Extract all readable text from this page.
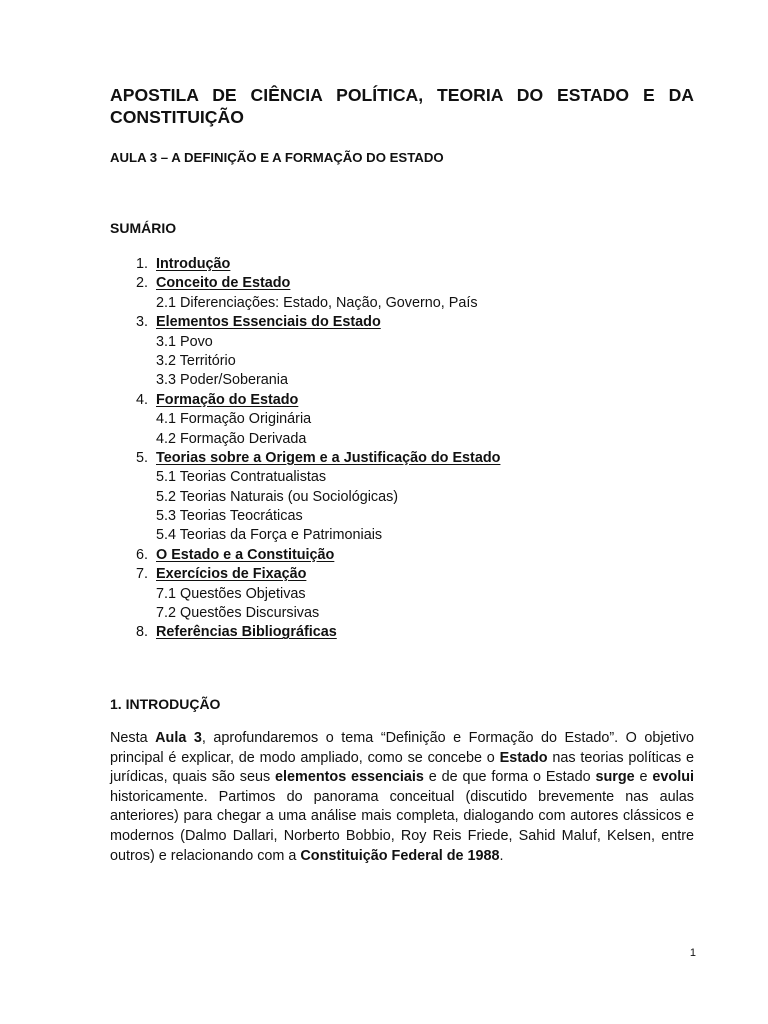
APOSTILA DE CIÊNCIA POLÍTICA, TEORIA DO ESTADO E DA CONSTITUIÇÃO
AULA 3 – A DEFINIÇÃO E A FORMAÇÃO DO ESTADO
SUMÁRIO
1. Introdução
2. Conceito de Estado
2.1 Diferenciações: Estado, Nação, Governo, País
3. Elementos Essenciais do Estado
3.1 Povo
3.2 Território
3.3 Poder/Soberania
4. Formação do Estado
4.1 Formação Originária
4.2 Formação Derivada
5. Teorias sobre a Origem e a Justificação do Estado
5.1 Teorias Contratualistas
5.2 Teorias Naturais (ou Sociológicas)
5.3 Teorias Teocráticas
5.4 Teorias da Força e Patrimoniais
6. O Estado e a Constituição
7. Exercícios de Fixação
7.1 Questões Objetivas
7.2 Questões Discursivas
8. Referências Bibliográficas
1. INTRODUÇÃO

Nesta Aula 3, aprofundaremos o tema “Definição e Formação do Estado”. O objetivo principal é explicar, de modo ampliado, como se concebe o Estado nas teorias políticas e jurídicas, quais são seus elementos essenciais e de que forma o Estado surge e evolui historicamente. Partimos do panorama conceitual (discutido brevemente nas aulas anteriores) para chegar a uma análise mais completa, dialogando com autores clássicos e modernos (Dalmo Dallari, Norberto Bobbio, Roy Reis Friede, Sahid Maluf, Kelsen, entre outros) e relacionando com a Constituição Federal de 1988.

1
